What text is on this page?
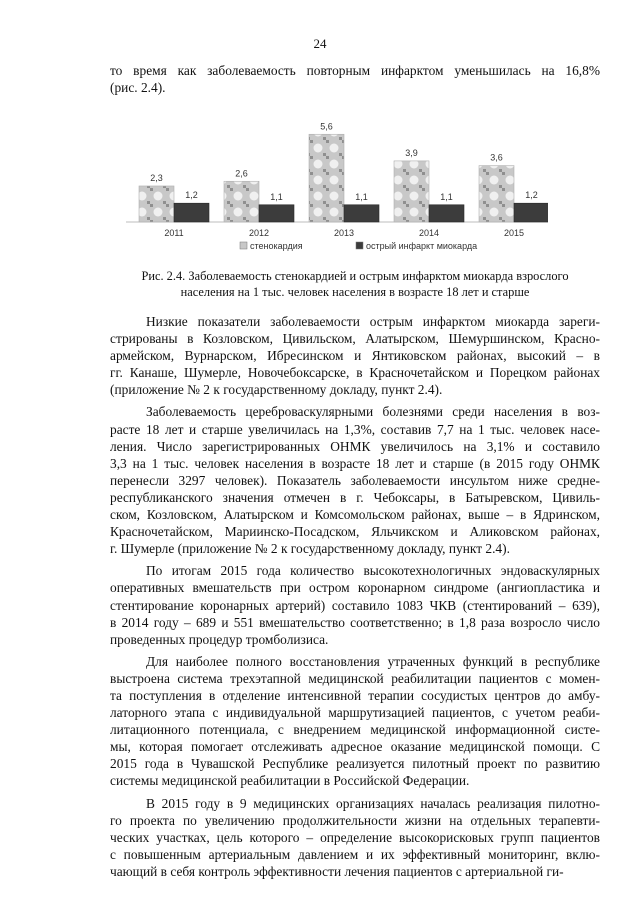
24
то время как заболеваемость повторным инфарктом уменьшилась на 16,8%
(рис. 2.4).
2,3
1,2
2011
2,6
1,1
2012
5,6
1,1
2013
3,9
1,1
2014
3,6
1,2
2015
стенокардия	острый инфаркт миокарда
Рис. 2.4. Заболеваемость стенокардией и острым инфарктом миокарда взрослого
населения на 1 тыс. человек населения в возрасте 18 лет и старше

Низкие показатели заболеваемости острым инфарктом миокарда зареги-
стрированы в Козловском, Цивильском, Алатырском, Шемуршинском, Красно-
армейском, Вурнарском, Ибресинском и Янтиковском районах, высокий – в
гг. Канаше, Шумерле, Новочебоксарске, в Красночетайском и Порецком районах
(приложение № 2 к государственному докладу, пункт 2.4).

Заболеваемость цереброваскулярными болезнями среди населения в воз-
расте 18 лет и старше увеличилась на 1,3%, составив 7,7 на 1 тыс. человек насе-
ления. Число зарегистрированных ОНМК увеличилось на 3,1% и составило
3,3 на 1 тыс. человек населения в возрасте 18 лет и старше (в 2015 году ОНМК
перенесли 3297 человек). Показатель заболеваемости инсультом ниже средне-
республиканского значения отмечен в г. Чебоксары, в Батыревском, Цивиль-
ском, Козловском, Алатырском и Комсомольском районах, выше – в Ядринском,
Красночетайском, Мариинско-Посадском, Яльчикском и Аликовском районах,
г. Шумерле (приложение № 2 к государственному докладу, пункт 2.4).

По итогам 2015 года количество высокотехнологичных эндоваскулярных
оперативных вмешательств при остром коронарном синдроме (ангиопластика и
стентирование коронарных артерий) составило 1083 ЧКВ (стентирований – 639),
в 2014 году – 689 и 551 вмешательство соответственно; в 1,8 раза возросло число
проведенных процедур тромболизиса.

Для наиболее полного восстановления утраченных функций в республике
выстроена система трехэтапной медицинской реабилитации пациентов с момен-
та поступления в отделение интенсивной терапии сосудистых центров до амбу-
латорного этапа с индивидуальной маршрутизацией пациентов, с учетом реаби-
литационного потенциала, с внедрением медицинской информационной систе-
мы, которая помогает отслеживать адресное оказание медицинской помощи. С
2015 года в Чувашской Республике реализуется пилотный проект по развитию
системы медицинской реабилитации в Российской Федерации.

В 2015 году в 9 медицинских организациях началась реализация пилотно-
го проекта по увеличению продолжительности жизни на отдельных терапевти-
ческих участках, цель которого – определение высокорисковых групп пациентов
с повышенным артериальным давлением и их эффективный мониторинг, вклю-
чающий в себя контроль эффективности лечения пациентов с артериальной ги-
